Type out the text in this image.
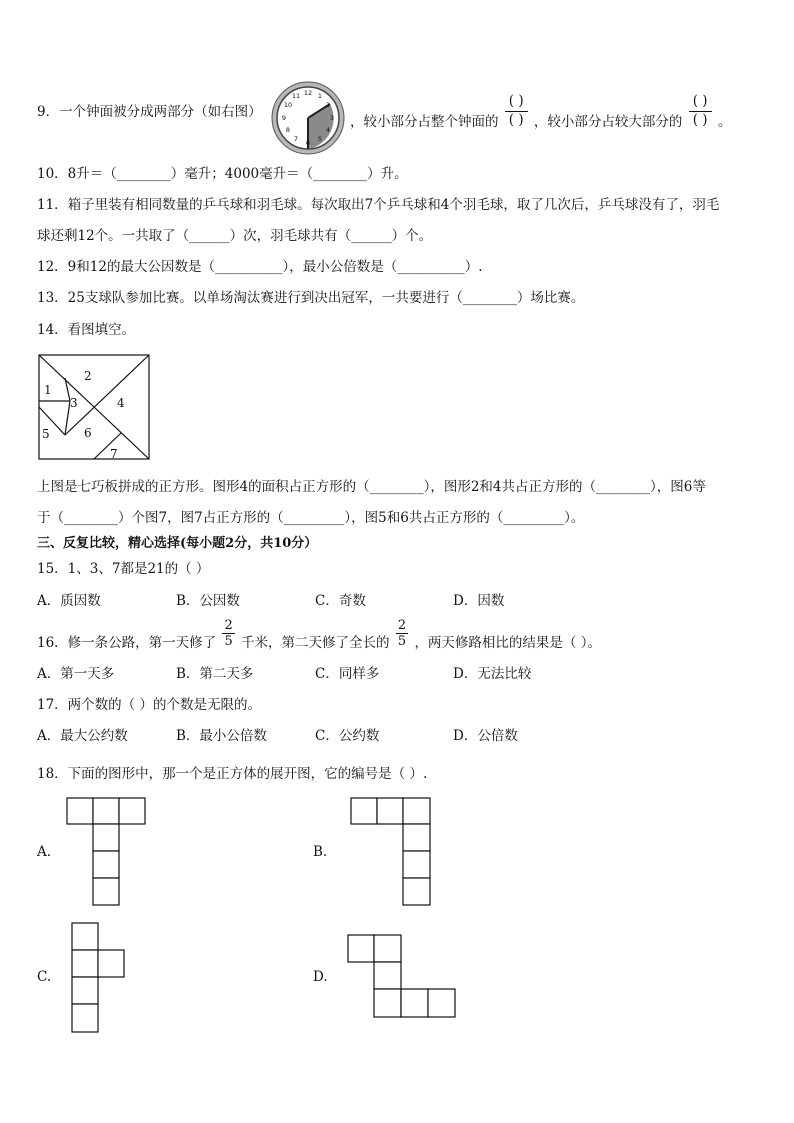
9．一个钟面被分成两部分（如右图）
12 1
2
3
4
5
6
7
8
9
10
11
，较小部分占整个钟面的
( )
( ) ，较小部分占较大部分的
( )
( ) 。
10．8升＝（________）毫升；4000毫升＝（________）升。
11．箱子里装有相同数量的乒乓球和羽毛球。每次取出7个乒乓球和4个羽毛球，取了几次后，乒乓球没有了，羽毛
球还剩12个。一共取了（______）次，羽毛球共有（______）个。
12．9和12的最大公因数是（__________），最小公倍数是（__________）.
13．25支球队参加比赛。以单场淘汰赛进行到决出冠军，一共要进行（________）场比赛。
14．看图填空。
1
2
3	4
5	6
7
上图是七巧板拼成的正方形。图形4的面积占正方形的（________），图形2和4共占正方形的（________），图6等
于（________）个图7，图7占正方形的（_________），图5和6共占正方形的（_________）。
三、反复比较，精心选择(每小题2分，共10分）
15．1、3、7都是21的（ ）
A．质因数	B．公因数	C．奇数	D．因数
16．修一条公路，第一天修了 $\frac{2}{5}$ 千米，第二天修了全长的 $\frac{2}{5}$ ，两天修路相比的结果是（ ）。
A．第一天多	B．第二天多	C．同样多	D．无法比较
17．两个数的（ ）的个数是无限的。
A．最大公约数	B．最小公倍数	C．公约数	D．公倍数
18．下面的图形中，那一个是正方体的展开图，它的编号是（ ）.
A.	B.
C.	D.
